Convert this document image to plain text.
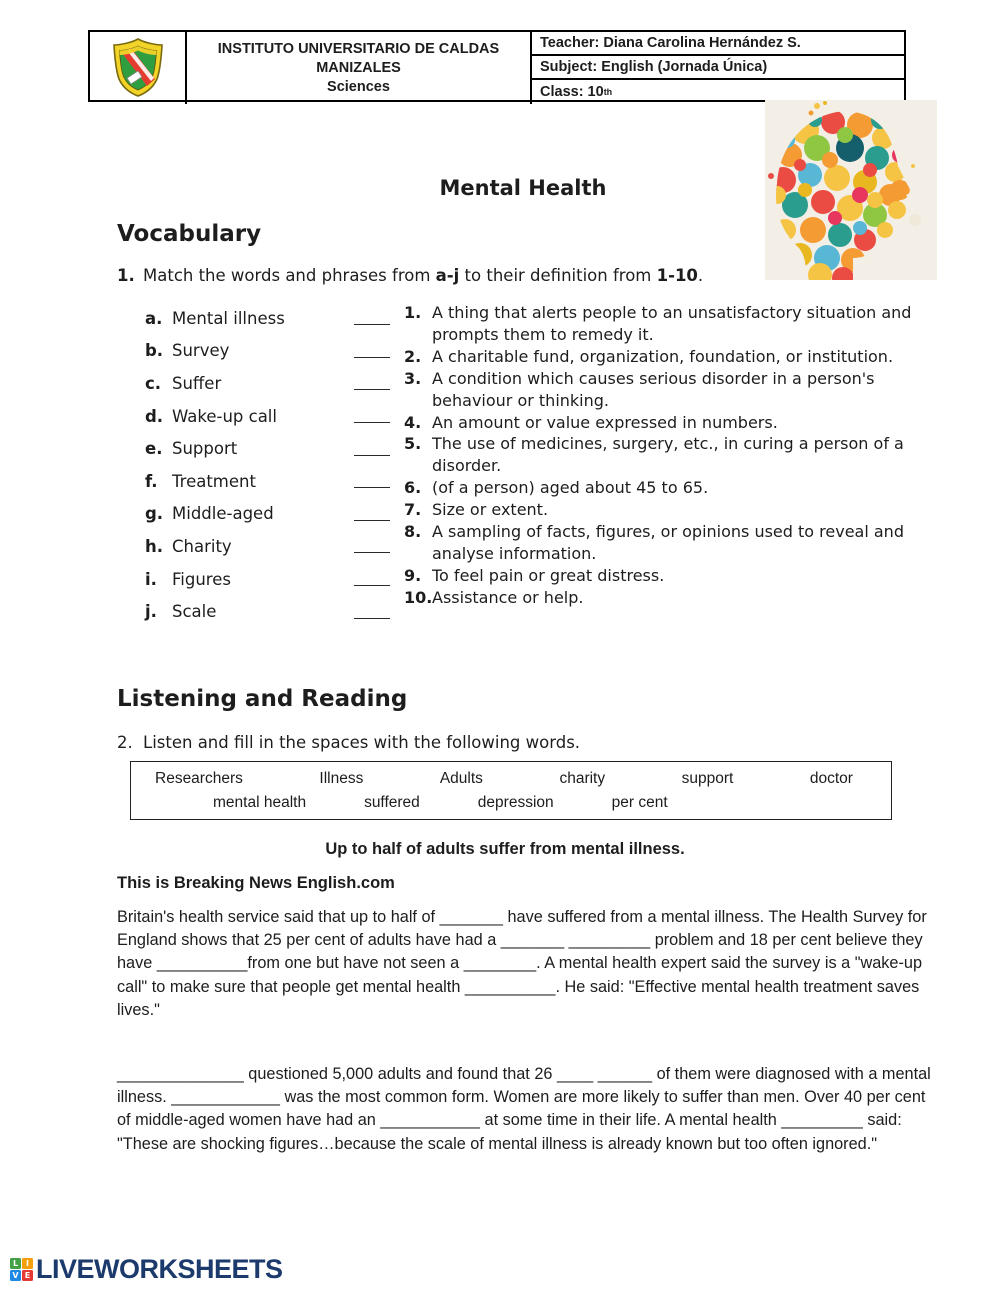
INSTITUTO UNIVERSITARIO DE CALDAS
MANIZALES
Sciences
Teacher: Diana Carolina Hernández S.
Subject: English (Jornada Única)
Class: 10 th
Mental Health
Vocabulary
1. Match the words and phrases from a-j to their definition from 1-10.
a. Mental illness
b. Survey
c. Suffer
d. Wake-up call
e. Support
f. Treatment
g. Middle-aged
h. Charity
i. Figures
j. Scale
1. A thing that alerts people to an unsatisfactory situation and prompts them to remedy it.
2. A charitable fund, organization, foundation, or institution.
3. A condition which causes serious disorder in a person's behaviour or thinking.
4. An amount or value expressed in numbers.
5. The use of medicines, surgery, etc., in curing a person of a disorder.
6. (of a person) aged about 45 to 65.
7. Size or extent.
8. A sampling of facts, figures, or opinions used to reveal and analyse information.
9. To feel pain or great distress.
10. Assistance or help.
Listening and Reading
2. Listen and fill in the spaces with the following words.
Researchers	Illness	Adults	charity	support	doctor
mental health	suffered	depression	per cent
Up to half of adults suffer from mental illness.
This is Breaking News English.com
Britain's health service said that up to half of _______ have suffered from a mental illness. The Health Survey for England shows that 25 per cent of adults have had a _______ _________ problem and 18 per cent believe they have __________from one but have not seen a ________. A mental health expert said the survey is a "wake-up call" to make sure that people get mental health __________. He said: "Effective mental health treatment saves lives."
______________ questioned 5,000 adults and found that 26 ____ ______ of them were diagnosed with a mental illness. ____________ was the most common form. Women are more likely to suffer than men. Over 40 per cent of middle-aged women have had an ___________ at some time in their life. A mental health _________ said: "These are shocking figures…because the scale of mental illness is already known but too often ignored."
L I
V E LIVEWORKSHEETS
